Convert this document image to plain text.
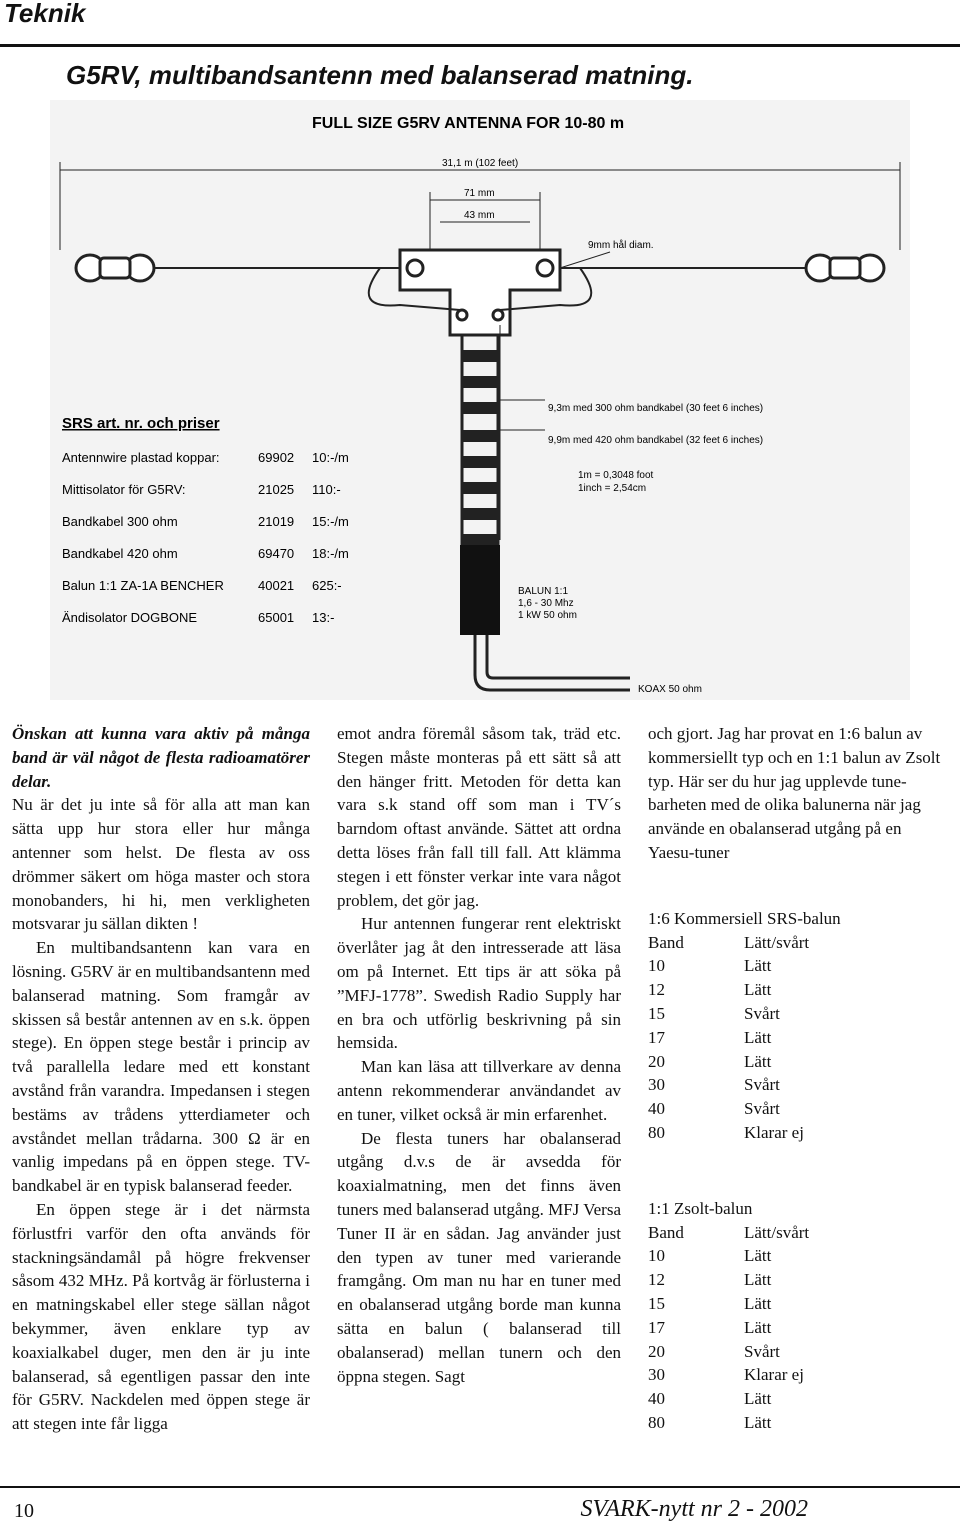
Teknik
G5RV, multibandsantenn med balanserad matning.
FULL SIZE G5RV ANTENNA FOR 10-80 m
31,1 m (102 feet)
71 mm
43 mm
9mm hål diam.
9,3m med 300 ohm bandkabel (30 feet 6 inches)
9,9m med 420 ohm bandkabel (32 feet 6 inches)
1m = 0,3048 foot
1inch = 2,54cm
BALUN 1:1
1,6 - 30 Mhz
1 kW 50 ohm
KOAX 50 ohm
SRS art. nr. och priser
Antennwire plastad koppar:	69902 10:-/m
Mittisolator för G5RV:	21025 110:-
Bandkabel 300 ohm	21019 15:-/m
Bandkabel 420 ohm	69470 18:-/m
Balun 1:1 ZA-1A BENCHER	40021 625:-
Ändisolator DOGBONE	65001 13:-

Önskan att kunna vara aktiv på många band är väl något de flesta radioamatörer delar.

Nu är det ju inte så för alla att man kan sätta upp hur stora eller hur många antenner som helst. De flesta av oss drömmer säkert om höga master och stora monobanders, hi hi, men verkligheten motsvarar ju sällan dikten !

En multibandsantenn kan vara en lösning. G5RV är en multibandsantenn med balanserad matning. Som framgår av skissen så består antennen av en s.k. öppen stege). En öppen stege består i princip av två parallella ledare med ett konstant avstånd från varandra. Impedansen i stegen bestäms av trådens ytterdiameter och avståndet mellan trådarna. 300 Ω är en vanlig impedans på en öppen stege. TV-bandkabel är en typisk balanserad feeder.

En öppen stege är i det närmsta förlustfri varför den ofta används för stackningsändamål på högre frekvenser såsom 432 MHz. På kortvåg är förlusterna i en matningskabel eller stege sällan något bekymmer, även enklare typ av koaxialkabel duger, men den är ju inte balanserad, så egentligen passar den inte för G5RV. Nackdelen med öppen stege är att stegen inte får ligga

emot andra föremål såsom tak, träd etc. Stegen måste monteras på ett sätt så att den hänger fritt. Metoden för detta kan vara s.k stand off som man i TV´s barndom oftast använde. Sättet att ordna detta löses från fall till fall. Att klämma stegen i ett fönster verkar inte vara något problem, det gör jag.

Hur antennen fungerar rent elektriskt överlåter jag åt den intresserade att läsa om på Internet. Ett tips är att söka på ”MFJ-1778”. Swedish Radio Supply har en bra och utförlig beskrivning på sin hemsida.

Man kan läsa att tillverkare av denna antenn rekommenderar användandet av en tuner, vilket också är min erfarenhet.

De flesta tuners har obalanserad utgång d.v.s de är avsedda för koaxialmatning, men det finns även tuners med balanserad utgång. MFJ Versa Tuner II är en sådan. Jag använder just den typen av tuner med varierande framgång. Om man nu har en tuner med en obalanserad utgång borde man kunna sätta en balun ( balanserad till obalanserad) mellan tunern och den öppna stegen. Sagt

och gjort. Jag har provat en 1:6 balun av kommersiellt typ och en 1:1 balun av Zsolt typ. Här ser du hur jag upplevde tune-barheten med de olika balunerna när jag använde en obalanserad utgång på en Yaesu-tuner

1:6 Kommersiell SRS-balun

Band	Lätt/svårt
10	Lätt
12	Lätt
15	Svårt
17	Lätt
20	Lätt
30	Svårt
40	Svårt
80	Klarar ej

1:1 Zsolt-balun

Band	Lätt/svårt
10	Lätt
12	Lätt
15	Lätt
17	Lätt
20	Svårt
30	Klarar ej
40	Lätt
80	Lätt
10	SVARK-nytt nr 2 - 2002
